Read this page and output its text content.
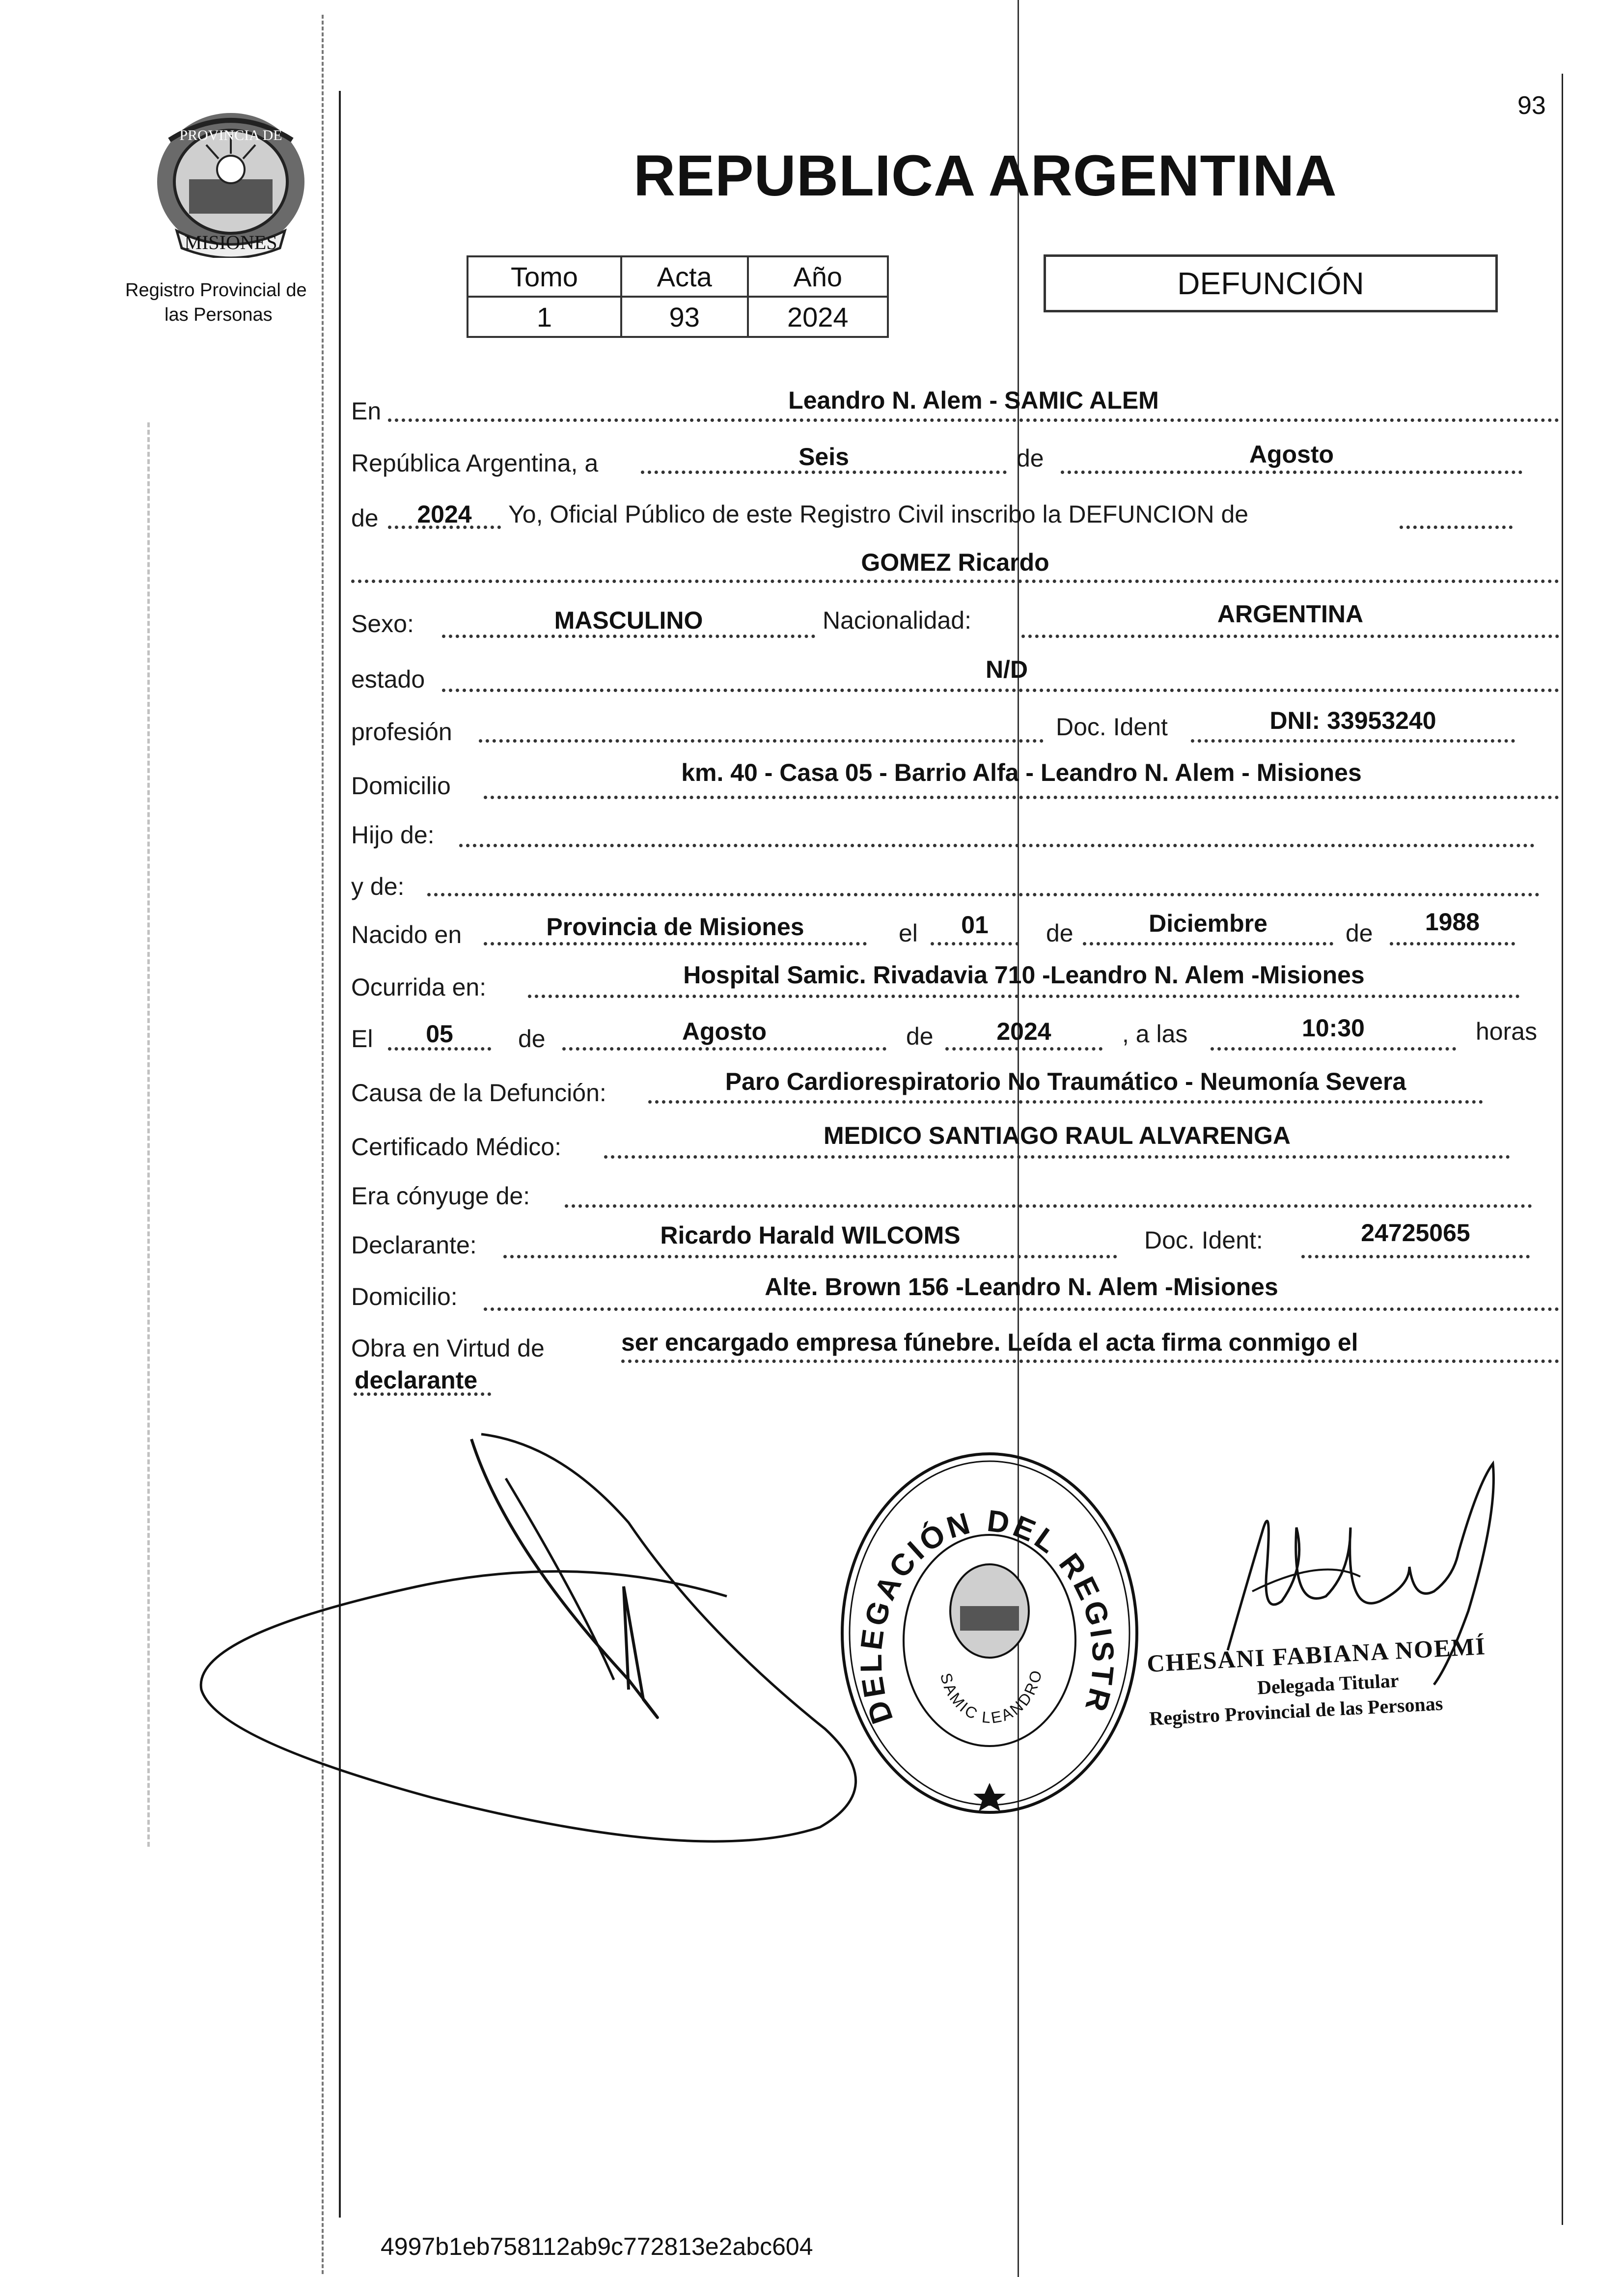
93
PROVINCIA DE
MISIONES
Registro Provincial de
las Personas
REPUBLICA ARGENTINA
Tomo	Acta	Año
1	93	2024
DEFUNCIÓN
En	Leandro N. Alem - SAMIC ALEM
República Argentina, a	Seis	de	Agosto
de	2024	Yo, Oficial Público de este Registro Civil inscribo la DEFUNCION de
GOMEZ Ricardo
Sexo:	MASCULINO	Nacionalidad:	ARGENTINA
estado	N/D
profesión	Doc. Ident	DNI: 33953240
Domicilio	km. 40 - Casa 05 - Barrio Alfa - Leandro N. Alem - Misiones
Hijo de:
y de:
Nacido en	Provincia de Misiones	el	01	de	Diciembre	de	1988
Ocurrida en:	Hospital Samic. Rivadavia 710 -Leandro N. Alem -Misiones
El	05	de	Agosto	de	2024	, a las	10:30	horas
Causa de la Defunción:	Paro Cardiorespiratorio No Traumático - Neumonía Severa
Certificado Médico:	MEDICO SANTIAGO RAUL ALVARENGA
Era cónyuge de:
Declarante:	Ricardo Harald WILCOMS	Doc. Ident:	24725065
Domicilio:	Alte. Brown 156 -Leandro N. Alem -Misiones
Obra en Virtud de	ser encargado empresa fúnebre. Leída el acta firma conmigo el
declarante
DELEGACIÓN DEL REGISTR
SAMIC LEANDRO	CHESANI FABIANA NOEMÍ
Delegada Titular
Registro Provincial de las Personas
4997b1eb758112ab9c772813e2abc604
